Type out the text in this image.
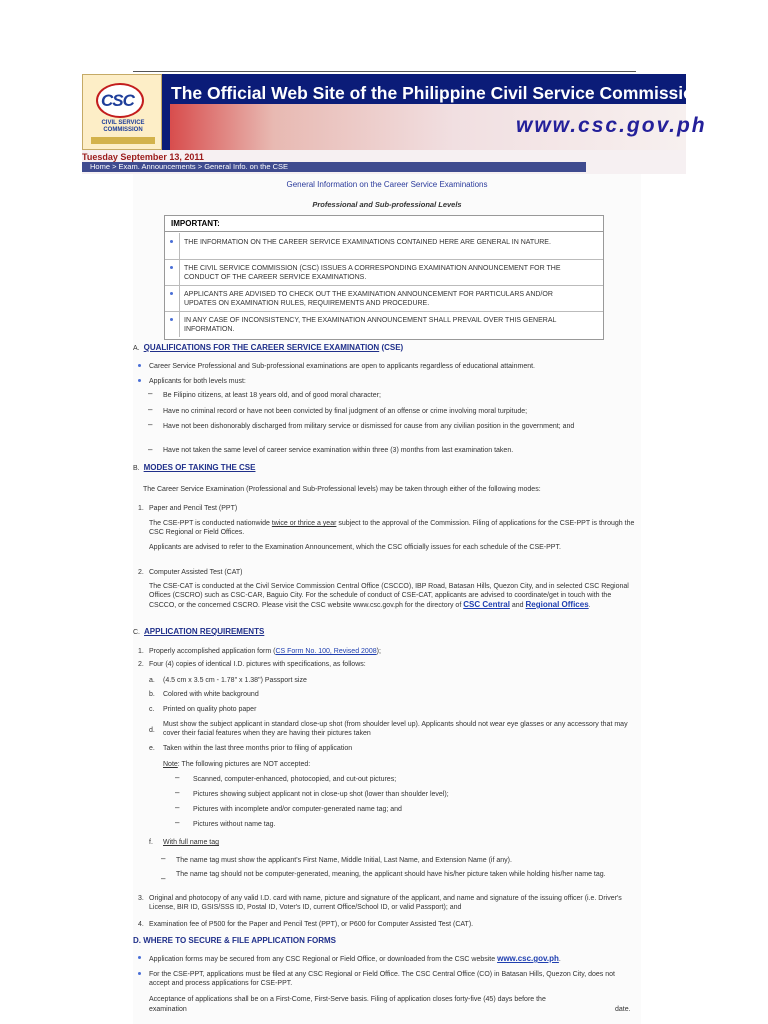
CSC
CIVIL SERVICE
COMMISSION
The Official Web Site of the Philippine Civil Service Commission
www.csc.gov.ph
Tuesday September 13, 2011
Home > Exam. Announcements > General Info. on the CSE
General Information on the Career Service Examinations
Professional and Sub-professional Levels
IMPORTANT:
THE INFORMATION ON THE CAREER SERVICE EXAMINATIONS CONTAINED HERE ARE GENERAL IN NATURE.
THE CIVIL SERVICE COMMISSION (CSC) ISSUES A CORRESPONDING EXAMINATION ANNOUNCEMENT FOR THE CONDUCT OF THE CAREER SERVICE EXAMINATIONS.
APPLICANTS ARE ADVISED TO CHECK OUT THE EXAMINATION ANNOUNCEMENT FOR PARTICULARS AND/OR UPDATES ON EXAMINATION RULES, REQUIREMENTS AND PROCEDURE.
IN ANY CASE OF INCONSISTENCY, THE EXAMINATION ANNOUNCEMENT SHALL PREVAIL OVER THIS GENERAL INFORMATION.
A. QUALIFICATIONS FOR THE CAREER SERVICE EXAMINATION (CSE)
Career Service Professional and Sub-professional examinations are open to applicants regardless of educational attainment.
Applicants for both levels must:
– Be Filipino citizens, at least 18 years old, and of good moral character;
– Have no criminal record or have not been convicted by final judgment of an offense or crime involving moral turpitude;
– Have not been dishonorably discharged from military service or dismissed for cause from any civilian position in the government; and
– Have not taken the same level of career service examination within three (3) months from last examination taken.
B. MODES OF TAKING THE CSE
The Career Service Examination (Professional and Sub-Professional levels) may be taken through either of the following modes:
1. Paper and Pencil Test (PPT)
The CSE-PPT is conducted nationwide twice or thrice a year subject to the approval of the Commission. Filing of applications for the CSE-PPT is through the CSC Regional or Field Offices.
Applicants are advised to refer to the Examination Announcement, which the CSC officially issues for each schedule of the CSE-PPT.
2. Computer Assisted Test (CAT)
The CSE-CAT is conducted at the Civil Service Commission Central Office (CSCCO), IBP Road, Batasan Hills, Quezon City, and in selected CSC Regional Offices (CSCRO) such as CSC-CAR, Baguio City. For the schedule of conduct of CSE-CAT, applicants are advised to coordinate/get in touch with the CSCCO, or the concerned CSCRO. Please visit the CSC website www.csc.gov.ph for the directory of CSC Central and Regional Offices.
C. APPLICATION REQUIREMENTS
1. Properly accomplished application form (CS Form No. 100, Revised 2008);
2. Four (4) copies of identical I.D. pictures with specifications, as follows:
a. (4.5 cm x 3.5 cm - 1.78" x 1.38") Passport size
b. Colored with white background
c. Printed on quality photo paper
d.
Must show the subject applicant in standard close-up shot (from shoulder level up). Applicants should not wear eye glasses or any accessory that may cover their facial features when they are having their pictures taken
e. Taken within the last three months prior to filing of application
Note: The following pictures are NOT accepted:
– Scanned, computer-enhanced, photocopied, and cut-out pictures;
– Pictures showing subject applicant not in close-up shot (lower than shoulder level);
– Pictures with incomplete and/or computer-generated name tag; and
– Pictures without name tag.
f. With full name tag
– The name tag must show the applicant's First Name, Middle Initial, Last Name, and Extension Name (if any).
– The name tag should not be computer-generated, meaning, the applicant should have his/her picture taken while holding his/her name tag.
3. Original and photocopy of any valid I.D. card with name, picture and signature of the applicant, and name and signature of the issuing officer (i.e. Driver's License, BIR ID, GSIS/SSS ID, Postal ID, Voter's ID, current Office/School ID, or valid Passport); and
4. Examination fee of P500 for the Paper and Pencil Test (PPT), or P600 for Computer Assisted Test (CAT).
D. WHERE TO SECURE & FILE APPLICATION FORMS
Application forms may be secured from any CSC Regional or Field Office, or downloaded from the CSC website www.csc.gov.ph.
For the CSE-PPT, applications must be filed at any CSC Regional or Field Office. The CSC Central Office (CO) in Batasan Hills, Quezon City, does not accept and process applications for CSE-PPT.
Acceptance of applications shall be on a First-Come, First-Serve basis. Filing of application closes forty-five (45) days before the
examination	date.
